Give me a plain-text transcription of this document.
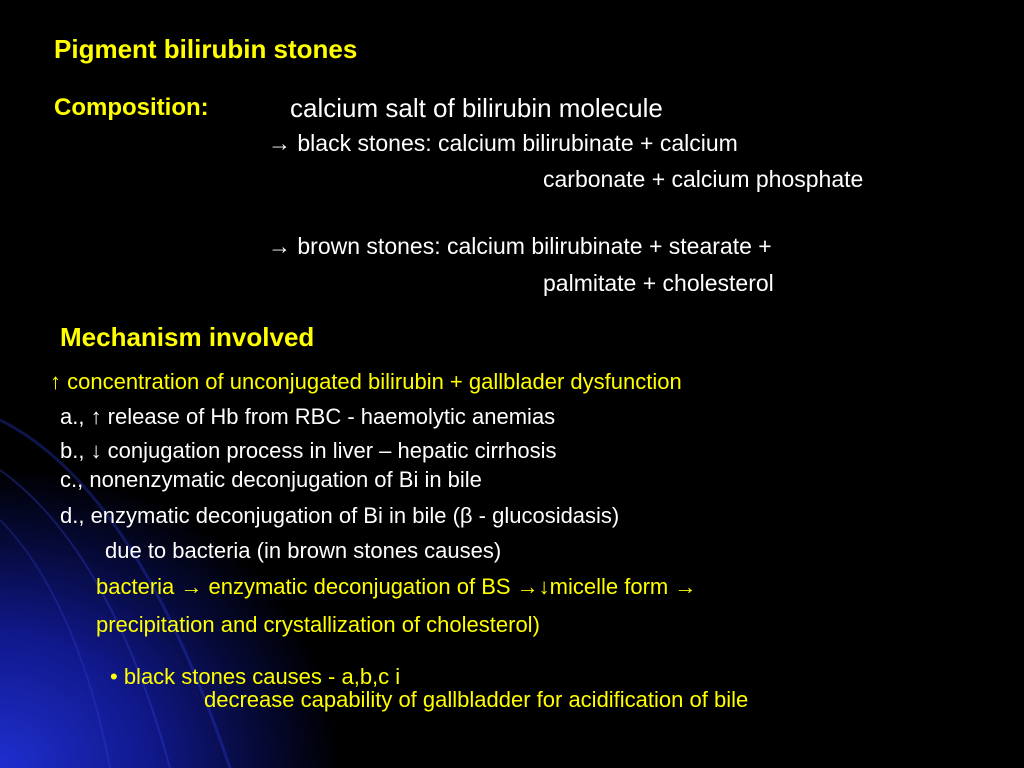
Pigment bilirubin stones
Composition:	calcium salt of bilirubin molecule
→ black stones: calcium bilirubinate + calcium
carbonate + calcium phosphate
→ brown stones: calcium bilirubinate + stearate +
palmitate + cholesterol
Mechanism involved
↑ concentration of unconjugated bilirubin + gallblader dysfunction
a., ↑ release of Hb from RBC - haemolytic anemias
b., ↓ conjugation process in liver – hepatic cirrhosis
c., nonenzymatic deconjugation of Bi in bile
d., enzymatic deconjugation of Bi in bile (β - glucosidasis)
due to bacteria (in brown stones causes)
bacteria → enzymatic deconjugation of BS →↓micelle form →
precipitation and crystallization of cholesterol)
• black stones causes - a,b,c i
decrease capability of gallbladder for acidification of bile
